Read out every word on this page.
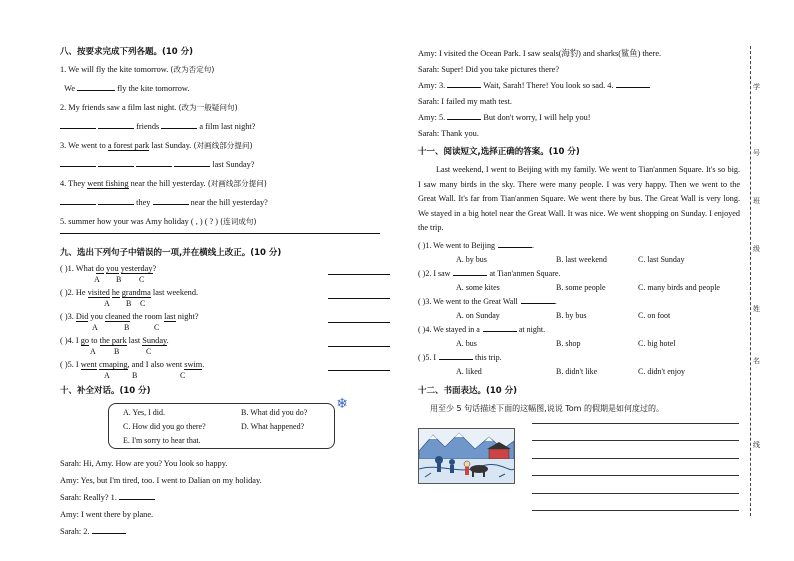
八、按要求完成下列各题。(10 分)
1. We will fly the kite tomorrow. (改为否定句)
We	fly the kite tomorrow.
2. My friends saw a film last night. (改为一般疑问句)
friends	a film last night?
3. We went to a forest park last Sunday. (对画线部分提问)
last Sunday?
4. They went fishing near the hill yesterday. (对画线部分提问)
they	near the hill yesterday?
5. summer how your was Amy holiday ( , ) ( ? ) (连词成句)
九、选出下列句子中错误的一项,并在横线上改正。(10 分)
( )1. What do you yesterday?
A B C
( )2. He visited he grandma last weekend.
A B C
( )3. Did you cleaned the room last night?
A	B	C
( )4. I go to the park last Sunday.
A B	C
( )5. I went cmaping, and I also went swim.
A	B	C
十、补全对话。(10 分)
A. Yes, I did.	B. What did you do?
C. How did you go there?	D. What happened?
E. I'm sorry to hear that.
❄
Sarah: Hi, Amy. How are you? You look so happy.
Amy: Yes, but I'm tired, too. I went to Dalian on my holiday.
Sarah: Really? 1.
Amy: I went there by plane.
Sarah: 2.
Amy: I visited the Ocean Park. I saw seals(海豹) and sharks(鲨鱼) there.
Sarah: Super! Did you take pictures there?
Amy: 3.	Wait, Sarah! There! You look so sad. 4.
Sarah: I failed my math test.
Amy: 5.	But don't worry, I will help you!
Sarah: Thank you.
十一、阅读短文,选择正确的答案。(10 分)

Last weekend, I went to Beijing with my family. We went to Tian'anmen Square. It's so big. I saw many birds in the sky. There were many people. I was very happy. Then we went to the Great Wall. It's far from Tian'anmen Square. We went there by bus. The Great Wall is very long. We stayed in a big hotel near the Great Wall. It was nice. We went shopping on Sunday. I enjoyed the trip.

( )1. We went to Beijing	.
A. by bus	B. last weekend	C. last Sunday
( )2. I saw	at Tian'anmen Square.
A. some kites	B. some people	C. many birds and people
( )3. We went to the Great Wall	.
A. on Sunday	B. by bus	C. on foot
( )4. We stayed in a	at night.
A. bus	B. shop	C. big hotel
( )5. I	this trip.
A. liked	B. didn't like	C. didn't enjoy
十二、书面表达。(10 分)
用至少 5 句话描述下面的这幅图,说说 Tom 的假期是如何度过的。
学
号
班
级
姓
名
线
